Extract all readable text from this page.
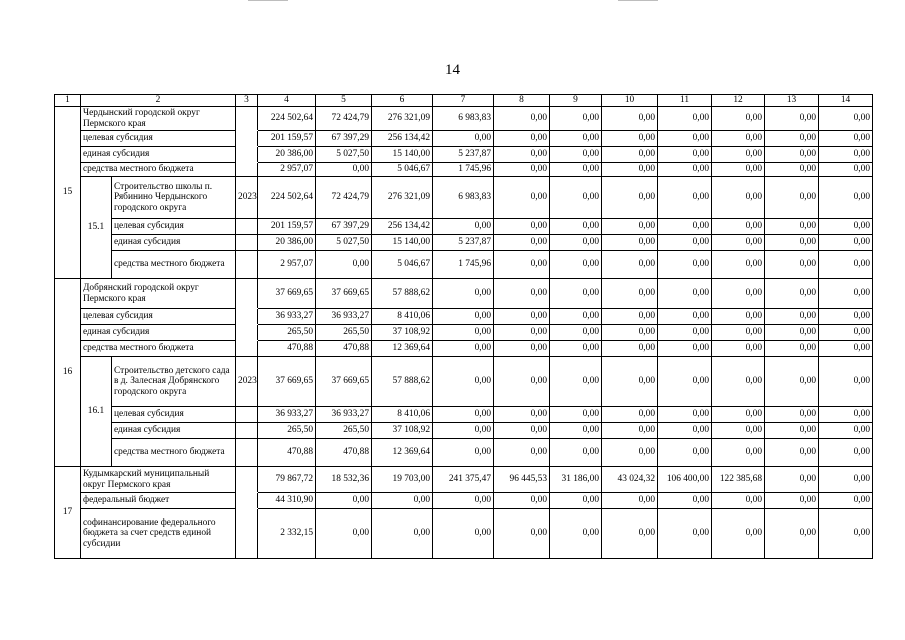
14
1	2		3	4	5	6	7	8	9	10	11	12	13	14
15	Чердынский городской округ Пермского края			224 502,64	72 424,79	276 321,09	6 983,83	0,00	0,00	0,00	0,00	0,00	0,00	0,00
	целевая субсидия			201 159,57	67 397,29	256 134,42	0,00	0,00	0,00	0,00	0,00	0,00	0,00	0,00
	единая субсидия			20 386,00	5 027,50	15 140,00	5 237,87	0,00	0,00	0,00	0,00	0,00	0,00	0,00
	средства местного бюджета			2 957,07	0,00	5 046,67	1 745,96	0,00	0,00	0,00	0,00	0,00	0,00	0,00
	15.1	Строительство школы п. Рябинино Чердынского городского округа	2023	224 502,64	72 424,79	276 321,09	6 983,83	0,00	0,00	0,00	0,00	0,00	0,00	0,00
		целевая субсидия		201 159,57	67 397,29	256 134,42	0,00	0,00	0,00	0,00	0,00	0,00	0,00	0,00
		единая субсидия		20 386,00	5 027,50	15 140,00	5 237,87	0,00	0,00	0,00	0,00	0,00	0,00	0,00
		средства местного бюджета		2 957,07	0,00	5 046,67	1 745,96	0,00	0,00	0,00	0,00	0,00	0,00	0,00
16	Добрянский городской округ Пермского края			37 669,65	37 669,65	57 888,62	0,00	0,00	0,00	0,00	0,00	0,00	0,00	0,00
	целевая субсидия			36 933,27	36 933,27	8 410,06	0,00	0,00	0,00	0,00	0,00	0,00	0,00	0,00
	единая субсидия			265,50	265,50	37 108,92	0,00	0,00	0,00	0,00	0,00	0,00	0,00	0,00
	средства местного бюджета			470,88	470,88	12 369,64	0,00	0,00	0,00	0,00	0,00	0,00	0,00	0,00
	16.1	Строительство детского сада в д. Залесная Добрянского городского округа	2023	37 669,65	37 669,65	57 888,62	0,00	0,00	0,00	0,00	0,00	0,00	0,00	0,00
		целевая субсидия		36 933,27	36 933,27	8 410,06	0,00	0,00	0,00	0,00	0,00	0,00	0,00	0,00
		единая субсидия		265,50	265,50	37 108,92	0,00	0,00	0,00	0,00	0,00	0,00	0,00	0,00
		средства местного бюджета		470,88	470,88	12 369,64	0,00	0,00	0,00	0,00	0,00	0,00	0,00	0,00
17	Кудымкарский муниципальный округ Пермского края			79 867,72	18 532,36	19 703,00	241 375,47	96 445,53	31 186,00	43 024,32	106 400,00	122 385,68	0,00	0,00
	федеральный бюджет			44 310,90	0,00	0,00	0,00	0,00	0,00	0,00	0,00	0,00	0,00	0,00
	софинансирование федерального бюджета за счет средств единой субсидии			2 332,15	0,00	0,00	0,00	0,00	0,00	0,00	0,00	0,00	0,00	0,00
